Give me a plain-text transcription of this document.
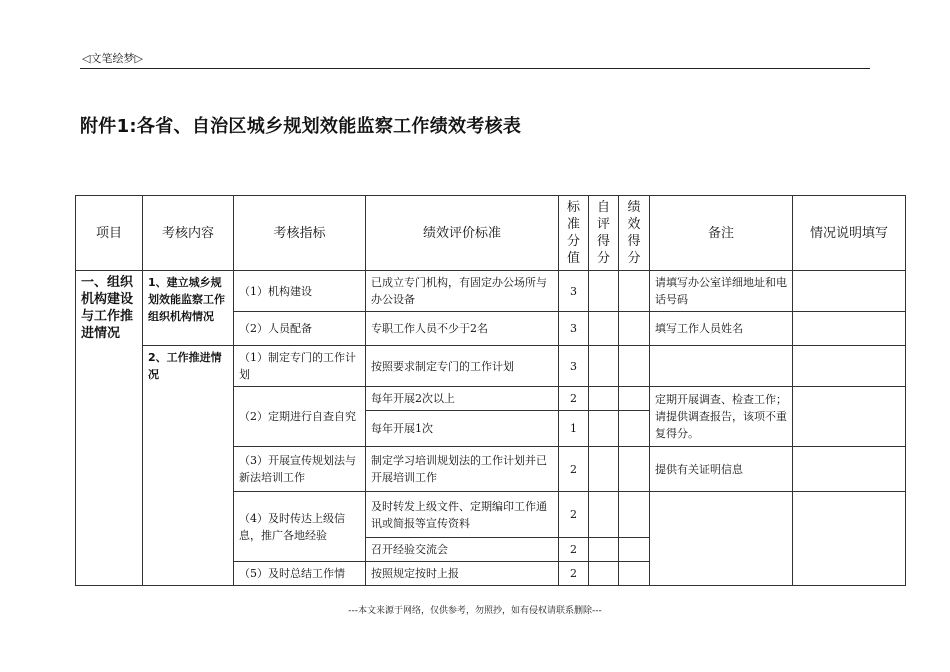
◁文笔绘梦▷
附件1:各省、自治区城乡规划效能监察工作绩效考核表
项目	考核内容	考核指标	绩效评价标准	标准分值	自评得分	绩效得分	备注	情况说明填写
一、组织机构建设与工作推进情况	1、建立城乡规划效能监察工作组织机构情况	（1）机构建设	已成立专门机构，有固定办公场所与办公设备	3			请填写办公室详细地址和电话号码	
		（2）人员配备	专职工作人员不少于2名	3			填写工作人员姓名	
	2、工作推进情况	（1）制定专门的工作计划	按照要求制定专门的工作计划	3				
		（2）定期进行自查自究	每年开展2次以上	2			定期开展调查、检查工作；请提供调查报告，该项不重复得分。	
			每年开展1次	1				
		（3）开展宣传规划法与新法培训工作	制定学习培训规划法的工作计划并已开展培训工作	2			提供有关证明信息	
		（4）及时传达上级信息，推广各地经验	及时转发上级文件、定期编印工作通讯或简报等宣传资料	2				
			召开经验交流会	2				
		（5）及时总结工作情	按照规定按时上报	2				
---本文来源于网络，仅供参考，勿照抄，如有侵权请联系删除---
